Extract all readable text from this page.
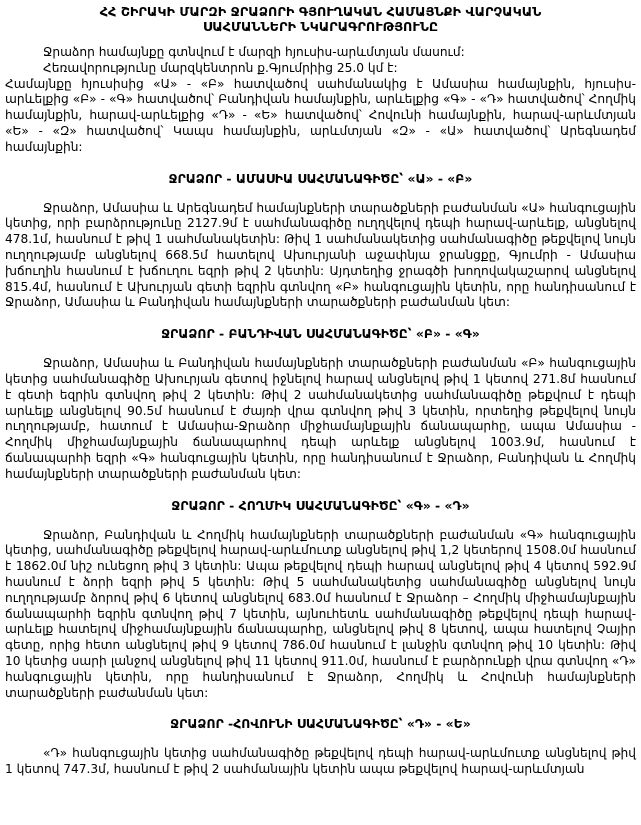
ՀՀ ՇԻՐԱԿԻ ՄԱՐԶԻ ՋՐԱՁՈՐԻ ԳՅՈՒՂԱԿԱՆ ՀԱՄԱՅՆՔԻ ՎԱՐՉԱԿԱՆ
ՍԱՀՄԱՆՆԵՐԻ ՆԿԱՐԱԳՐՈՒԹՅՈՒՆԸ

Ջրաձոր համայնքը գտնվում է մարզի հյուսիս-արևմտյան մասում:

Հեռավորությունը մարզկենտրոն ք.Գյումրիից 25.0 կմ է:

Համայնքը հյուսիսից «Ա» - «Բ» հատվածով սահմանակից է Ամասիա համայնքին, հյուսիս-արևելքից «Բ» - «Գ» հատվածով՝ Բանդիվան համայնքին, արևելքից «Գ» - «Դ» հատվածով՝ Հողմիկ համայնքին, հարավ-արևելքից «Դ» - «Ե» հատվածով՝ Հովունի համայնքին, հարավ-արևմտյան «Ե» - «Զ» հատվածով՝ Կապս համայնքին, արևմտյան «Զ» - «Ա» հատվածով՝ Արեգնադեմ համայնքին:

ՋՐԱՁՈՐ - ԱՄԱՍԻԱ ՍԱՀՄԱՆԱԳԻԾԸ՝ «Ա» - «Բ»

Ջրաձոր, Ամասիա և Արեգնադեմ համայնքների տարածքների բաժանման «Ա» հանգուցային կետից, որի բարձրությունը 2127.9մ է սահմանագիծը ուղղվելով դեպի հարավ-արևելք, անցնելով 478.1մ, հասնում է թիվ 1 սահմանակետին: Թիվ 1 սահմանակետից սահմանագիծը թեքվելով նույն ուղղությամբ անցնելով 668.5մ հատելով Ախուրյանի աջափնյա ջրանցքը, Գյումրի - Ամասիա խճուղին հասնում է խճուղու եզրի թիվ 2 կետին: Այդտեղից ջրագծի խողովակաշարով անցնելով 815.4մ, հասնում է Ախուրյան գետի եզրին գտնվող «Բ» հանգուցային կետին, որը հանդիսանում է Ջրաձոր, Ամասիա և Բանդիվան համայնքների տարածքների բաժանման կետ:

ՋՐԱՁՈՐ - ԲԱՆԴԻՎԱՆ ՍԱՀՄԱՆԱԳԻԾԸ՝ «Բ» - «Գ»

Ջրաձոր, Ամասիա և Բանդիվան համայնքների տարածքների բաժանման «Բ» հանգուցային կետից սահմանագիծը Ախուրյան գետով իջնելով հարավ անցնելով թիվ 1 կետով 271.8մ հասնում է գետի եզրին գտնվող թիվ 2 կետին: Թիվ 2 սահմանակետից սահմանագիծը թեքվում է դեպի արևելք անցնելով 90.5մ հասնում է ժայռի վրա գտնվող թիվ 3 կետին, որտեղից թեքվելով նույն ուղղությամբ, հատում է Ամասիա-Ջրաձոր միջհամայնքային ճանապարհը, ապա Ամասիա - Հողմիկ միջհամայնքային ճանապարհով դեպի արևելք անցնելով 1003.9մ, հասնում է ճանապարհի եզրի «Գ» հանգուցային կետին, որը հանդիսանում է Ջրաձոր, Բանդիվան և Հողմիկ համայնքների տարածքների բաժանման կետ:

ՋՐԱՁՈՐ - ՀՈՂՄԻԿ ՍԱՀՄԱՆԱԳԻԾԸ՝ «Գ» - «Դ»

Ջրաձոր, Բանդիվան և Հողմիկ համայնքների տարածքների բաժանման «Գ» հանգուցային կետից, սահմանագիծը թեքվելով հարավ-արևմուտք անցնելով թիվ 1,2 կետերով 1508.0մ հասնում է 1862.0մ նիշ ունեցող թիվ 3 կետին: Ապա թեքվելով դեպի հարավ անցնելով թիվ 4 կետով 592.9մ հասնում է ձորի եզրի թիվ 5 կետին: Թիվ 5 սահմանակետից սահմանագիծը անցնելով նույն ուղղությամբ ձորով թիվ 6 կետով անցնելով 683.0մ հասնում է Ջրաձոր – Հողմիկ միջհամայնքային ճանապարհի եզրին գտնվող թիվ 7 կետին, այնուհետև սահմանագիծը թեքվելով դեպի հարավ-արևելք հատելով միջհամայնքային ճանապարհը, անցնելով թիվ 8 կետով, ապա հատելով Չայիր գետը, որից հետո անցնելով թիվ 9 կետով 786.0մ հասնում է լանջին գտնվող թիվ 10 կետին: Թիվ 10 կետից սարի լանջով անցնելով թիվ 11 կետով 911.0մ, հասնում է բարձրունքի վրա գտնվող «Դ» հանգուցային կետին, որը հանդիսանում է Ջրաձոր, Հողմիկ և Հովունի համայնքների տարածքների բաժանման կետ:

ՋՐԱՁՈՐ -ՀՈՎՈՒՆԻ ՍԱՀՄԱՆԱԳԻԾԸ՝ «Դ» - «Ե»

«Դ» հանգուցային կետից սահմանագիծը թեքվելով դեպի հարավ-արևմուտք անցնելով թիվ 1 կետով 747.3մ, հասնում է թիվ 2 սահմանային կետին ապա թեքվելով հարավ-արևմտյան
